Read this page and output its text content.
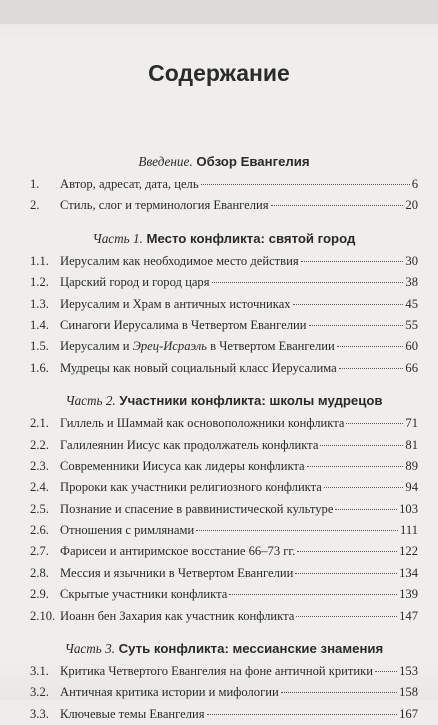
Содержание
Введение. Обзор Евангелия
1.	Автор, адресат, дата, цель	6
2.	Стиль, слог и терминология Евангелия	20
Часть 1. Место конфликта: святой город
1.1. Иерусалим как необходимое место действия	30
1.2. Царский город и город царя	38
1.3. Иерусалим и Храм в античных источниках	45
1.4. Синагоги Иерусалима в Четвертом Евангелии	55
1.5. Иерусалим и Эрец-Исраэль в Четвертом Евангелии	60
1.6. Мудрецы как новый социальный класс Иерусалима	66
Часть 2. Участники конфликта: школы мудрецов
2.1. Гиллель и Шаммай как основоположники конфликта	71
2.2. Галилеянин Иисус как продолжатель конфликта	81
2.3. Современники Иисуса как лидеры конфликта	89
2.4. Пророки как участники религиозного конфликта	94
2.5. Познание и спасение в раввинистической культуре	103
2.6. Отношения с римлянами	111
2.7. Фарисеи и антиримское восстание 66–73 гг.	122
2.8. Мессия и язычники в Четвертом Евангелии	134
2.9. Скрытые участники конфликта	139
2.10. Иоанн бен Захария как участник конфликта	147
Часть 3. Суть конфликта: мессианские знамения
3.1. Критика Четвертого Евангелия на фоне античной критики 153
3.2. Античная критика истории и мифологии	158
3.3. Ключевые темы Евангелия	167
